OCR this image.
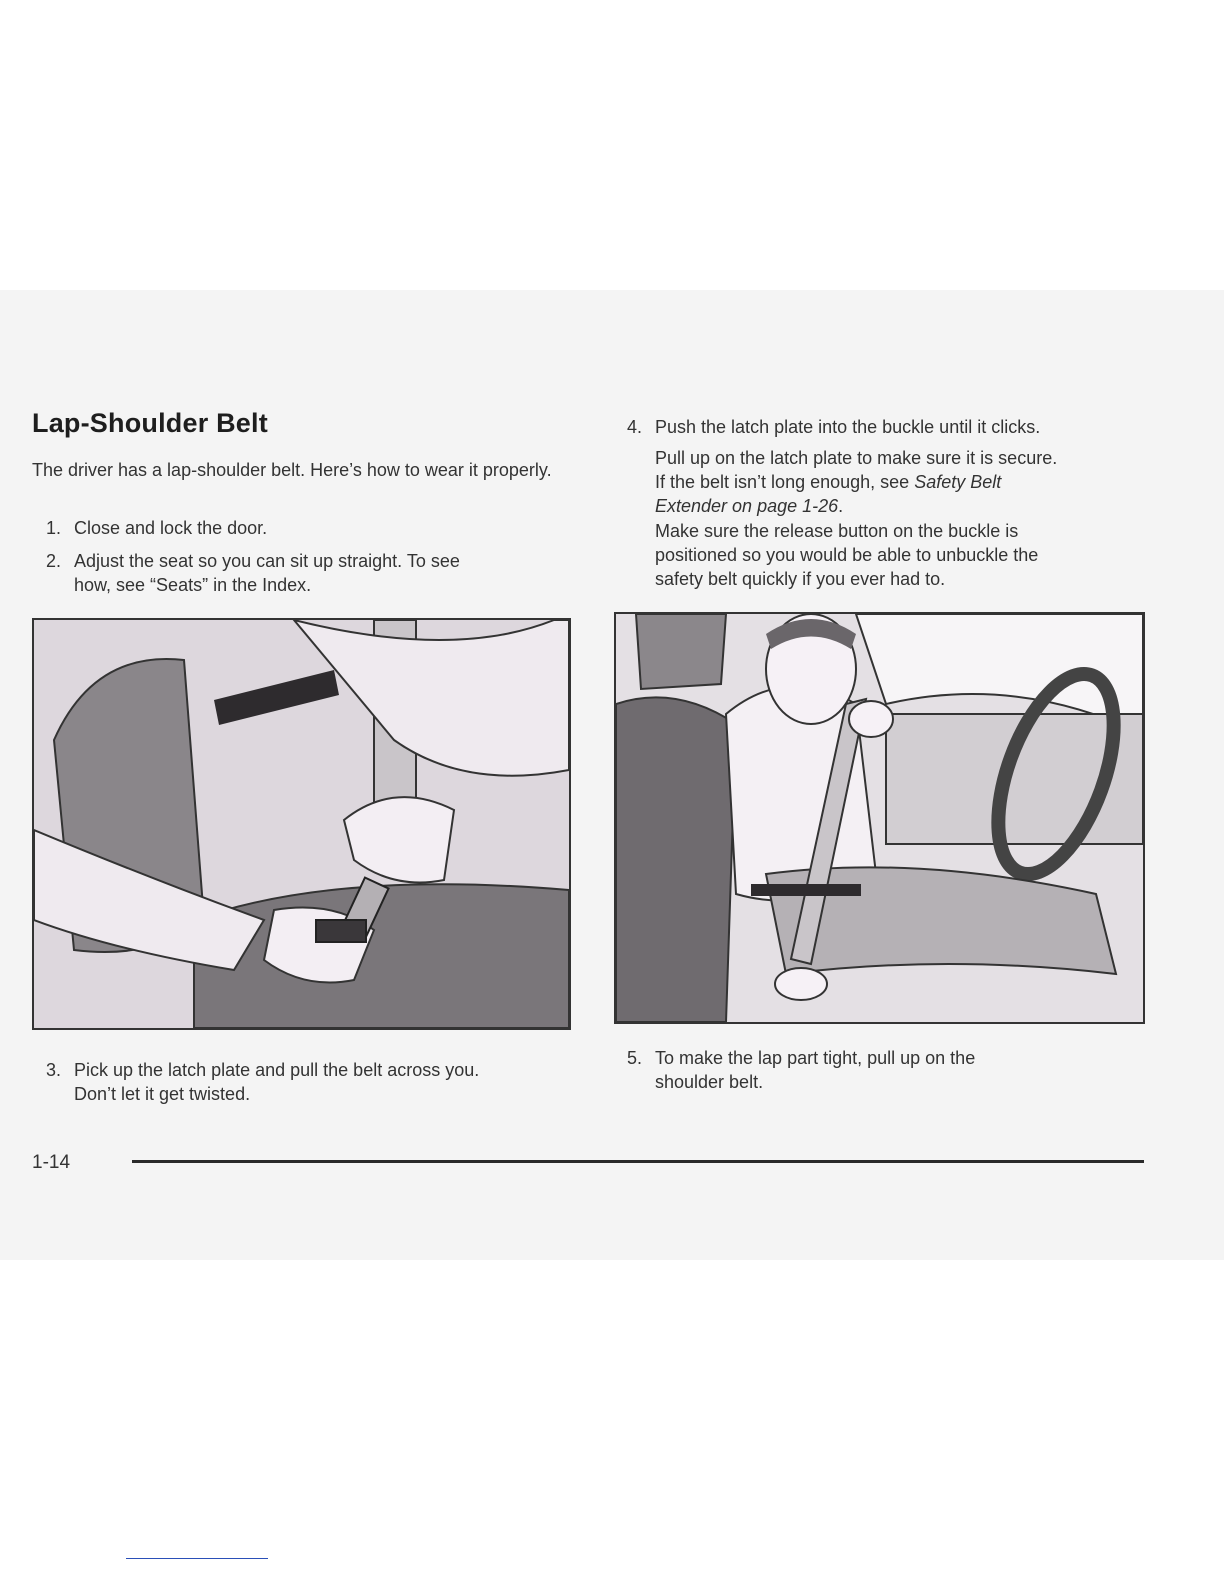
Lap-Shoulder Belt
The driver has a lap-shoulder belt. Here’s how to wear it properly.
1. Close and lock the door.
2. Adjust the seat so you can sit up straight. To see
how, see “Seats” in the Index.
3. Pick up the latch plate and pull the belt across you.
Don’t let it get twisted.
4. Push the latch plate into the buckle until it clicks.
Pull up on the latch plate to make sure it is secure.
If the belt isn’t long enough, see Safety Belt
Extender on page 1-26.
Make sure the release button on the buckle is
positioned so you would be able to unbuckle the
safety belt quickly if you ever had to.
5. To make the lap part tight, pull up on the
shoulder belt.
1-14
